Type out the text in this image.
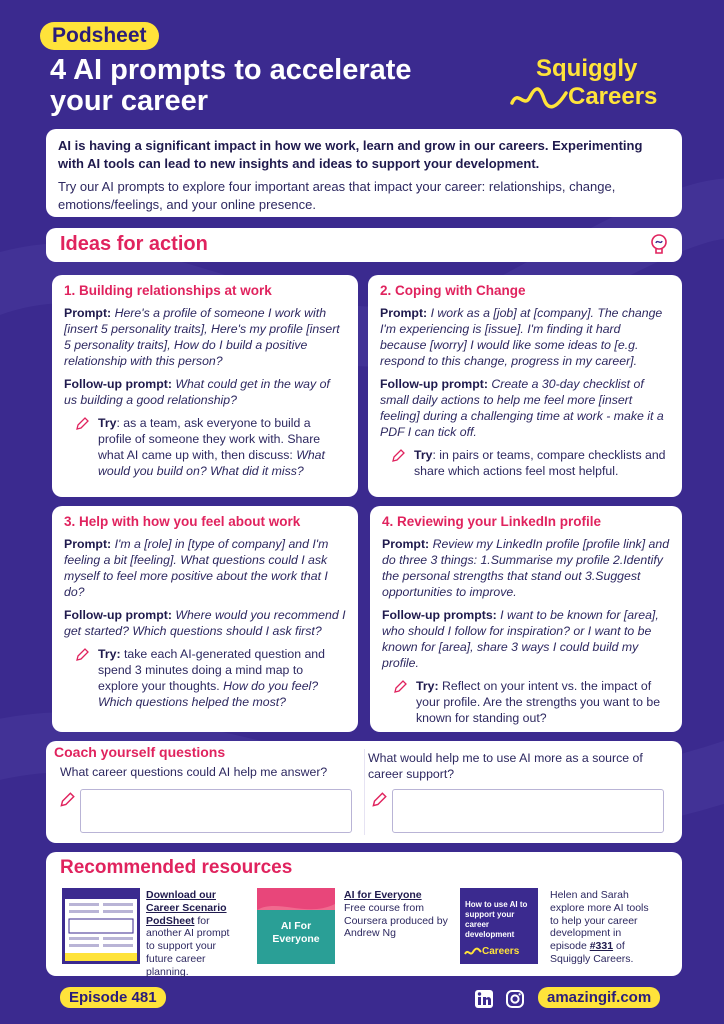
Podsheet
4 AI prompts to accelerate your career
Squiggly
Careers
AI is having a significant impact in how we work, learn and grow in our careers. Experimenting with AI tools can lead to new insights and ideas to support your development.
Try our AI prompts to explore four important areas that impact your career: relationships, change, emotions/feelings, and your online presence.
Ideas for action
1. Building relationships at work

Prompt: Here's a profile of someone I work with [insert 5 personality traits], Here's my profile [insert 5 personality traits], How do I build a positive relationship with this person?

Follow-up prompt: What could get in the way of us building a good relationship?

Try: as a team, ask everyone to build a profile of someone they work with. Share what AI came up with, then discuss: What would you build on? What did it miss?

2. Coping with Change

Prompt: I work as a [job] at [company]. The change I'm experiencing is [issue]. I'm finding it hard because [worry] I would like some ideas to [e.g. respond to this change, progress in my career].

Follow-up prompt: Create a 30-day checklist of small daily actions to help me feel more [insert feeling] during a challenging time at work - make it a PDF I can tick off.

Try: in pairs or teams, compare checklists and share which actions feel most helpful.

3. Help with how you feel about work

Prompt: I'm a [role] in [type of company] and I'm feeling a bit [feeling]. What questions could I ask myself to feel more positive about the work that I do?

Follow-up prompt: Where would you recommend I get started? Which questions should I ask first?

Try: take each AI-generated question and spend 3 minutes doing a mind map to explore your thoughts. How do you feel? Which questions helped the most?

4. Reviewing your LinkedIn profile

Prompt: Review my LinkedIn profile [profile link] and do three 3 things: 1.Summarise my profile 2.Identify the personal strengths that stand out 3.Suggest opportunities to improve.

Follow-up prompts: I want to be known for [area], who should I follow for inspiration? or I want to be known for [area], share 3 ways I could build my profile.

Try: Reflect on your intent vs. the impact of your profile. Are the strengths you want to be known for standing out?

Coach yourself questions
What career questions could AI help me answer?
What would help me to use AI more as a source of career support?
Recommended resources
Download our Career Scenario PodSheet for another AI prompt to support your future career planning.
AI For Everyone
AI for Everyone
Free course from Coursera produced by Andrew Ng
How to use AI to support your career development
Careers
Helen and Sarah explore more AI tools to help your career development in episode #331 of Squiggly Careers.
Episode 481	amazingif.com
